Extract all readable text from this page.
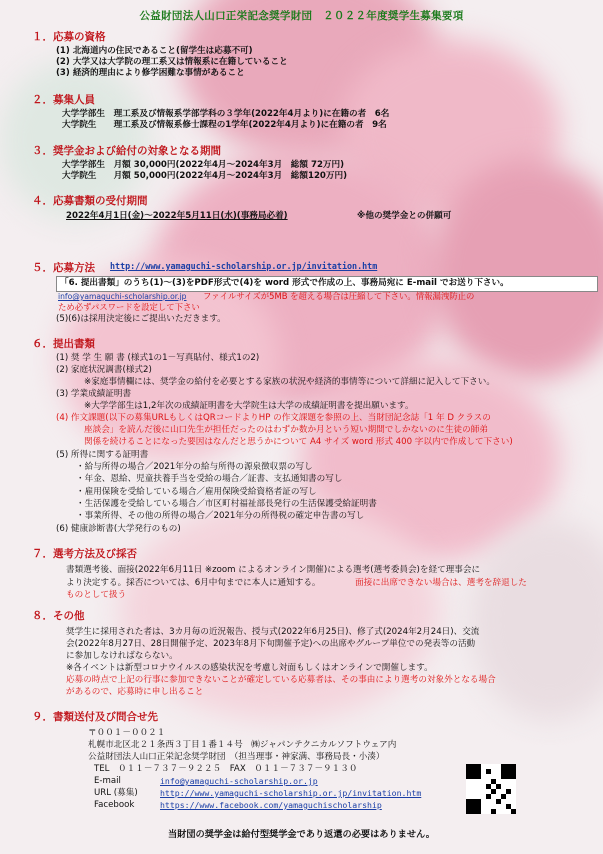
公益財団法人山口正栄記念奨学財団　２０２２年度奨学生募集要項
１．応募の資格
(1) 北海道内の住民であること(留学生は応募不可)
(2) 大学又は大学院の理工系又は情報系に在籍していること
(3) 経済的理由により修学困難な事情があること
２．募集人員
大学学部生　理工系及び情報系学部学科の３学年(2022年4月より)に在籍の者　6名
大学院生　　理工系及び情報系修士課程の1学年(2022年4月より)に在籍の者　9名
３．奨学金および給付の対象となる期間
大学学部生　月額 30,000円(2022年4月～2024年3月　総額 72万円)
大学院生　　月額 50,000円(2022年4月～2024年3月　総額120万円)
４．応募書類の受付期間
2022年4月1日(金)～2022年5月11日(水)(事務局必着)	※他の奨学金との併願可
５．応募方法 http://www.yamaguchi-scholarship.or.jp/invitation.htm
「6. 提出書類」のうち(1)～(3)をPDF形式で(4)を word 形式で作成の上、事務局宛に E-mail でお送り下さい。
info@yamaguchi-scholarship.or.jp ファイルサイズが5MB を超える場合は圧縮して下さい。情報漏洩防止の
ため必ずパスワードを設定して下さい
(5)(6)は採用決定後にご提出いただきます。
６．提出書類
(1) 奨 学 生 願 書 (様式1の1－写真貼付、様式1の2)
(2) 家庭状況調書(様式2)
※家庭事情欄には、奨学金の給付を必要とする家族の状況や経済的事情等について詳細に記入して下さい。
(3) 学業成績証明書
※大学学部生は1,2年次の成績証明書を大学院生は大学の成績証明書を提出願います。
(4) 作文課題(以下の募集URLもしくはQRコードよりHP の作文課題を参照の上、当財団記念誌「1 年 D クラスの
座談会」を読んだ後に山口先生が担任だったのはわずか数か月という短い期間でしかないのに生徒の師弟
関係を続けることになった要因はなんだと思うかについて A4 サイズ word 形式 400 字以内で作成して下さい)
(5) 所得に関する証明書
・給与所得の場合／2021年分の給与所得の源泉徴収票の写し
・年金、恩給、児童扶養手当を受給の場合／証書、支払通知書の写し
・雇用保険を受給している場合／雇用保険受給資格者証の写し
・生活保護を受給している場合／市区町村福祉部長発行の生活保護受給証明書
・事業所得、その他の所得の場合／2021年分の所得税の確定申告書の写し
(6) 健康診断書(大学発行のもの)
７．選考方法及び採否
書類選考後、面接(2022年6月11日 ※zoom によるオンライン開催)による選考(選考委員会)を経て理事会に
より決定する。採否については、6月中旬までに本人に通知する。	面接に出席できない場合は、選考を辞退した
ものとして扱う
８．その他
奨学生に採用された者は、3カ月毎の近況報告、授与式(2022年6月25日)、修了式(2024年2月24日)、交流
会(2022年8月27日、28日開催予定、2023年8月下旬開催予定)への出席やグループ単位での発表等の活動
に参加しなければならない。
※各イベントは新型コロナウイルスの感染状況を考慮し対面もしくはオンラインで開催します。
応募の時点で上記の行事に参加できないことが確定している応募者は、その事由により選考の対象外となる場合
があるので、応募時に申し出ること
９．書類送付及び問合せ先
〒００１－００２１
札幌市北区北２１条西３丁目１番１４号　㈱ジャパンテクニカルソフトウェア内
公益財団法人山口正栄記念奨学財団　（担当理事・神家满、事務局長・小湊）
TEL　０１１－７３７－９２２５　FAX　０１１－７３７－９１３０
E-mail	info@yamaguchi-scholarship.or.jp
URL (募集)	http://www.yamaguchi-scholarship.or.jp/invitation.htm
Facebook	https://www.facebook.com/yamaguchischolarship
当財団の奨学金は給付型奨学金であり返還の必要はありません。
